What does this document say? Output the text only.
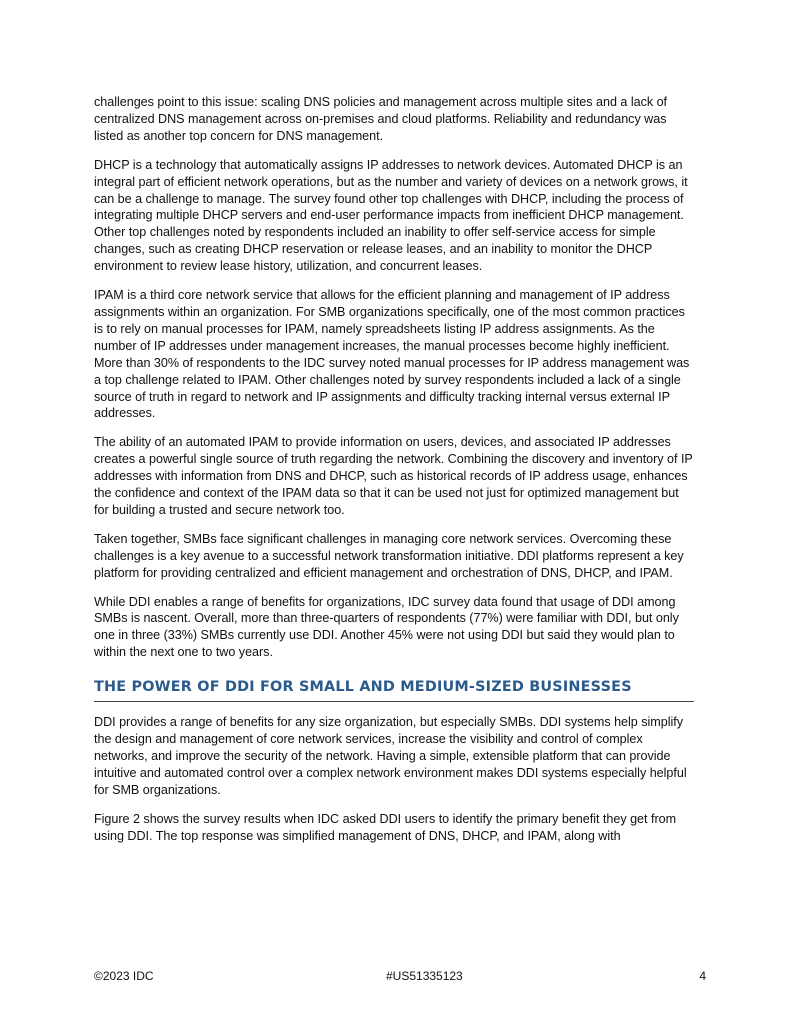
challenges point to this issue: scaling DNS policies and management across multiple sites and a lack of centralized DNS management across on-premises and cloud platforms. Reliability and redundancy was listed as another top concern for DNS management.

DHCP is a technology that automatically assigns IP addresses to network devices. Automated DHCP is an integral part of efficient network operations, but as the number and variety of devices on a network grows, it can be a challenge to manage. The survey found other top challenges with DHCP, including the process of integrating multiple DHCP servers and end-user performance impacts from inefficient DHCP management. Other top challenges noted by respondents included an inability to offer self-service access for simple changes, such as creating DHCP reservation or release leases, and an inability to monitor the DHCP environment to review lease history, utilization, and concurrent leases.

IPAM is a third core network service that allows for the efficient planning and management of IP address assignments within an organization. For SMB organizations specifically, one of the most common practices is to rely on manual processes for IPAM, namely spreadsheets listing IP address assignments. As the number of IP addresses under management increases, the manual processes become highly inefficient. More than 30% of respondents to the IDC survey noted manual processes for IP address management was a top challenge related to IPAM. Other challenges noted by survey respondents included a lack of a single source of truth in regard to network and IP assignments and difficulty tracking internal versus external IP addresses.

The ability of an automated IPAM to provide information on users, devices, and associated IP addresses creates a powerful single source of truth regarding the network. Combining the discovery and inventory of IP addresses with information from DNS and DHCP, such as historical records of IP address usage, enhances the confidence and context of the IPAM data so that it can be used not just for optimized management but for building a trusted and secure network too.

Taken together, SMBs face significant challenges in managing core network services. Overcoming these challenges is a key avenue to a successful network transformation initiative. DDI platforms represent a key platform for providing centralized and efficient management and orchestration of DNS, DHCP, and IPAM.

While DDI enables a range of benefits for organizations, IDC survey data found that usage of DDI among SMBs is nascent. Overall, more than three-quarters of respondents (77%) were familiar with DDI, but only one in three (33%) SMBs currently use DDI. Another 45% were not using DDI but said they would plan to within the next one to two years.

THE POWER OF DDI FOR SMALL AND MEDIUM-SIZED BUSINESSES

DDI provides a range of benefits for any size organization, but especially SMBs. DDI systems help simplify the design and management of core network services, increase the visibility and control of complex networks, and improve the security of the network. Having a simple, extensible platform that can provide intuitive and automated control over a complex network environment makes DDI systems especially helpful for SMB organizations.

Figure 2 shows the survey results when IDC asked DDI users to identify the primary benefit they get from using DDI. The top response was simplified management of DNS, DHCP, and IPAM, along with

©2023 IDC	#US51335123	4
